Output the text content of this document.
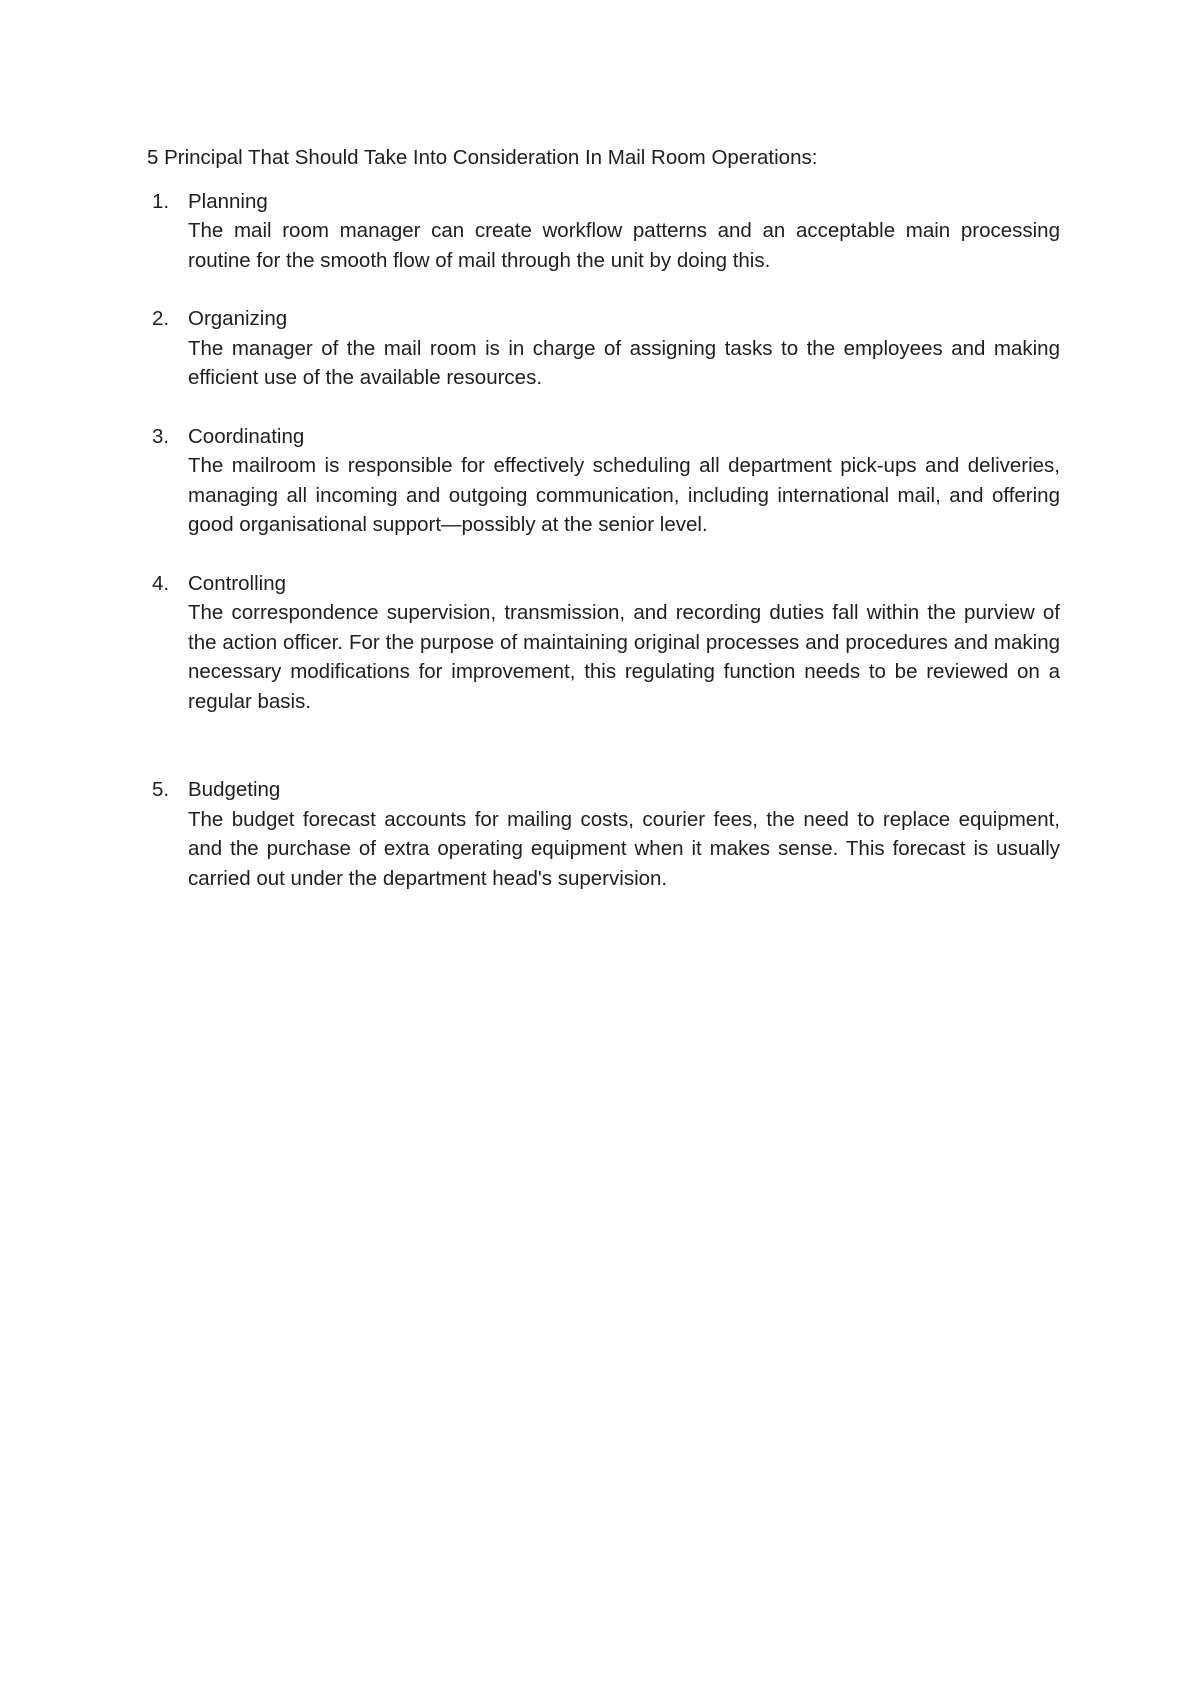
5 Principal That Should Take Into Consideration In Mail Room Operations:

1. Planning
The mail room manager can create workflow patterns and an acceptable main processing routine for the smooth flow of mail through the unit by doing this.
2. Organizing
The manager of the mail room is in charge of assigning tasks to the employees and making efficient use of the available resources.
3. Coordinating
The mailroom is responsible for effectively scheduling all department pick-ups and deliveries, managing all incoming and outgoing communication, including international mail, and offering good organisational support—possibly at the senior level.
4. Controlling
The correspondence supervision, transmission, and recording duties fall within the purview of the action officer. For the purpose of maintaining original processes and procedures and making necessary modifications for improvement, this regulating function needs to be reviewed on a regular basis.
5. Budgeting
The budget forecast accounts for mailing costs, courier fees, the need to replace equipment, and the purchase of extra operating equipment when it makes sense. This forecast is usually carried out under the department head's supervision.
